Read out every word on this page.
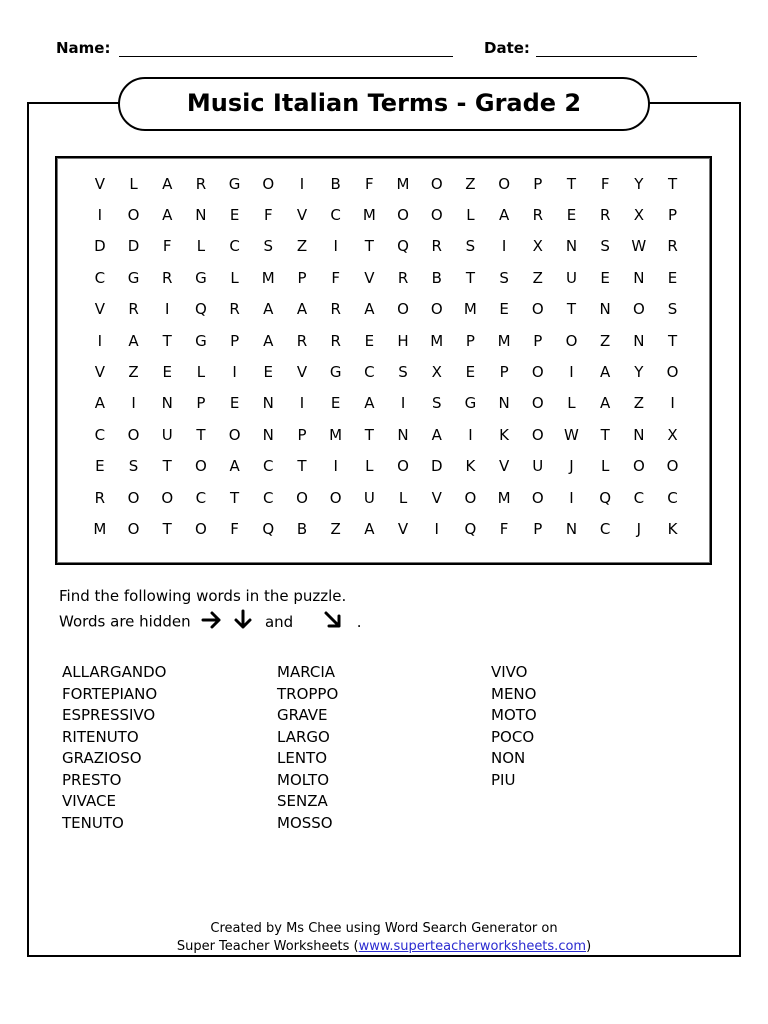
Name:	Date:
Music Italian Terms - Grade 2
V	L	A	R	G	O	I	B	F	M	O	Z	O	P	T	F	Y	T
I	O	A	N	E	F	V	C	M	O	O	L	A	R	E	R	X	P
D	D	F	L	C	S	Z	I	T	Q	R	S	I	X	N	S	W	R
C	G	R	G	L	M	P	F	V	R	B	T	S	Z	U	E	N	E
V	R	I	Q	R	A	A	R	A	O	O	M	E	O	T	N	O	S
I	A	T	G	P	A	R	R	E	H	M	P	M	P	O	Z	N	T
V	Z	E	L	I	E	V	G	C	S	X	E	P	O	I	A	Y	O
A	I	N	P	E	N	I	E	A	I	S	G	N	O	L	A	Z	I
C	O	U	T	O	N	P	M	T	N	A	I	K	O	W	T	N	X
E	S	T	O	A	C	T	I	L	O	D	K	V	U	J	L	O	O
R	O	O	C	T	C	O	O	U	L	V	O	M	O	I	Q	C	C
M	O	T	O	F	Q	B	Z	A	V	I	Q	F	P	N	C	J	K
Find the following words in the puzzle.
Words are hidden	and	.
ALLARGANDO
FORTEPIANO
ESPRESSIVO
RITENUTO
GRAZIOSO
PRESTO
VIVACE
TENUTO
MARCIA
TROPPO
GRAVE
LARGO
LENTO
MOLTO
SENZA
MOSSO
VIVO
MENO
MOTO
POCO
NON
PIU
Created by Ms Chee using Word Search Generator on
Super Teacher Worksheets (www.superteacherworksheets.com)
